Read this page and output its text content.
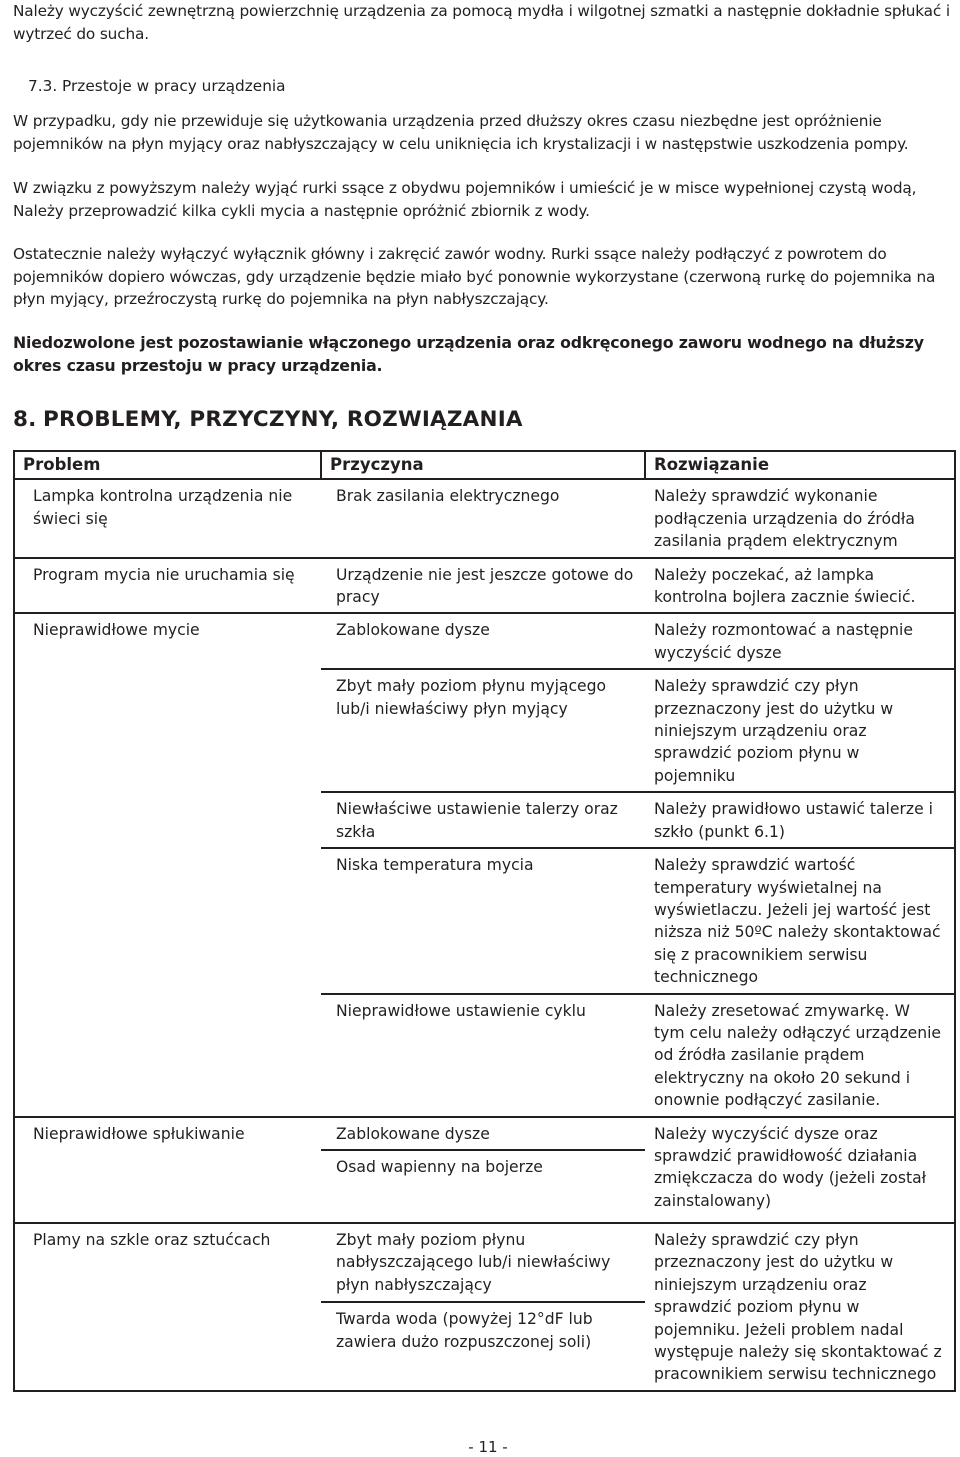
Należy wyczyścić zewnętrzną powierzchnię urządzenia za pomocą mydła i wilgotnej szmatki a następnie dokładnie spłukać i wytrzeć do sucha.

7.3. Przestoje w pracy urządzenia

W przypadku, gdy nie przewiduje się użytkowania urządzenia przed dłuższy okres czasu niezbędne jest opróżnienie pojemników na płyn myjący oraz nabłyszczający w celu uniknięcia ich krystalizacji i w następstwie uszkodzenia pompy.

W związku z powyższym należy wyjąć rurki ssące z obydwu pojemników i umieścić je w misce wypełnionej czystą wodą, Należy przeprowadzić kilka cykli mycia a następnie opróżnić zbiornik z wody.

Ostatecznie należy wyłączyć wyłącznik główny i zakręcić zawór wodny. Rurki ssące należy podłączyć z powrotem do pojemników dopiero wówczas, gdy urządzenie będzie miało być ponownie wykorzystane (czerwoną rurkę do pojemnika na płyn myjący, przeźroczystą rurkę do pojemnika na płyn nabłyszczający.

Niedozwolone jest pozostawianie włączonego urządzenia oraz odkręconego zaworu wodnego na dłuższy okres czasu przestoju w pracy urządzenia.

8. PROBLEMY, PRZYCZYNY, ROZWIĄZANIA
Problem	Przyczyna	Rozwiązanie
Lampka kontrolna urządzenia nie świeci się	Brak zasilania elektrycznego	Należy sprawdzić wykonanie podłączenia urządzenia do źródła zasilania prądem elektrycznym
Program mycia nie uruchamia się	Urządzenie nie jest jeszcze gotowe do pracy	Należy poczekać, aż lampka kontrolna bojlera zacznie świecić.
Nieprawidłowe mycie	Zablokowane dysze	Należy rozmontować a następnie wyczyścić dysze
	Zbyt mały poziom płynu myjącego lub/i niewłaściwy płyn myjący	Należy sprawdzić czy płyn przeznaczony jest do użytku w niniejszym urządzeniu oraz sprawdzić poziom płynu w pojemniku
	Niewłaściwe ustawienie talerzy oraz szkła	Należy prawidłowo ustawić talerze i szkło (punkt 6.1)
	Niska temperatura mycia	Należy sprawdzić wartość temperatury wyświetalnej na wyświetlaczu. Jeżeli jej wartość jest niższa niż 50ºC należy skontaktować się z pracownikiem serwisu technicznego
	Nieprawidłowe ustawienie cyklu	Należy zresetować zmywarkę. W tym celu należy odłączyć urządzenie od źródła zasilanie prądem elektryczny na około 20 sekund i onownie podłączyć zasilanie.
Nieprawidłowe spłukiwanie	Zablokowane dysze	Należy wyczyścić dysze oraz sprawdzić prawidłowość działania zmiękczacza do wody (jeżeli został zainstalowany)
	Osad wapienny na bojerze	
Plamy na szkle oraz sztućcach	Zbyt mały poziom płynu nabłyszczającego lub/i niewłaściwy płyn nabłyszczający	Należy sprawdzić czy płyn przeznaczony jest do użytku w niniejszym urządzeniu oraz sprawdzić poziom płynu w pojemniku. Jeżeli problem nadal występuje należy się skontaktować z pracownikiem serwisu technicznego
	Twarda woda (powyżej 12°dF lub zawiera dużo rozpuszczonej soli)	

- 11 -
